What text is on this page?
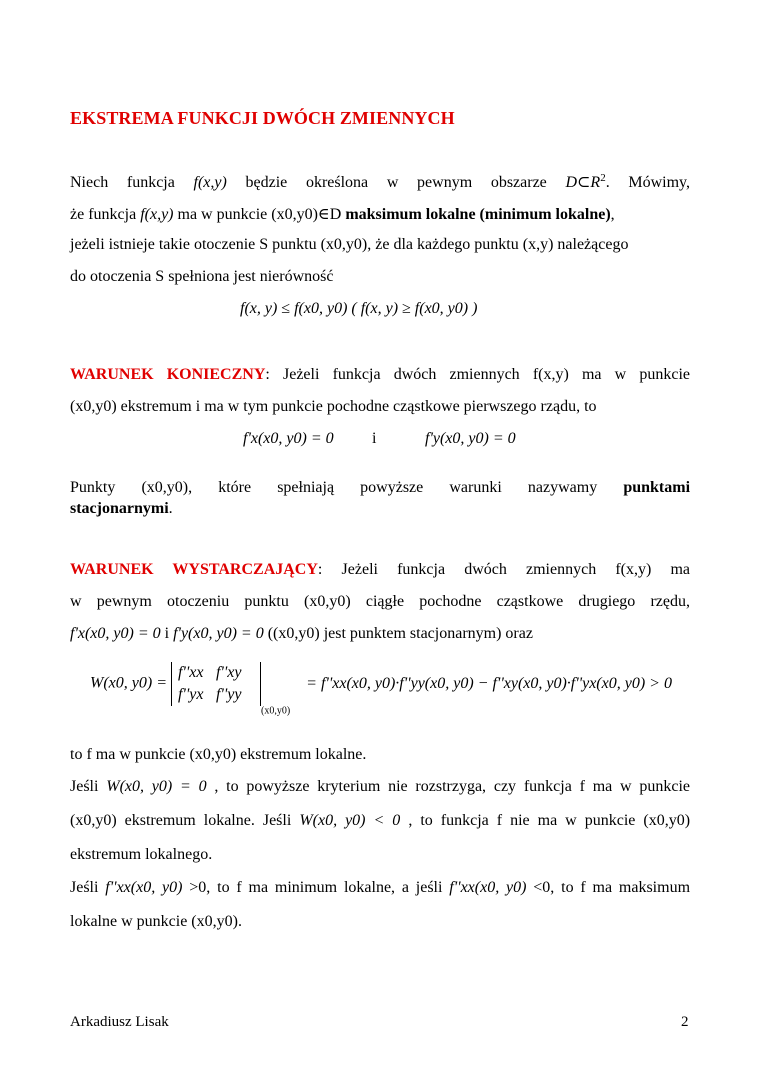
EKSTREMA FUNKCJI DWÓCH ZMIENNYCH
Niech funkcja f(x,y) będzie określona w pewnym obszarze $D\subset R^2$. Mówimy,
że funkcja f(x,y) ma w punkcie (x0,y0)∈D maksimum lokalne (minimum lokalne),
jeżeli istnieje takie otoczenie S punktu (x0,y0), że dla każdego punktu (x,y) należącego
do otoczenia S spełniona jest nierówność
f(x, y) ≤ f(x0, y0) ( f(x, y) ≥ f(x0, y0) )
WARUNEK KONIECZNY: Jeżeli funkcja dwóch zmiennych f(x,y) ma w punkcie
(x0,y0) ekstremum i ma w tym punkcie pochodne cząstkowe pierwszego rządu, to
f'x(x0, y0) = 0 i	f'y(x0, y0) = 0
Punkty (x0,y0), które spełniają powyższe warunki nazywamy punktami
stacjonarnymi.
WARUNEK WYSTARCZAJĄCY: Jeżeli funkcja dwóch zmiennych f(x,y) ma
w pewnym otoczeniu punktu (x0,y0) ciągłe pochodne cząstkowe drugiego rzędu,
f'x(x0, y0) = 0 i f'y(x0, y0) = 0 ((x0,y0) jest punktem stacjonarnym) oraz
W(x0, y0) =
f''xx f''xy
f''yx f''yy
$_{(x0,y0)}$ = f''xx(x0, y0)·f''yy(x0, y0) − f''xy(x0, y0)·f''yx(x0, y0) > 0
to f ma w punkcie (x0,y0) ekstremum lokalne.
Jeśli W(x0, y0) = 0 , to powyższe kryterium nie rozstrzyga, czy funkcja f ma w punkcie
(x0,y0) ekstremum lokalne. Jeśli W(x0, y0) < 0 , to funkcja f nie ma w punkcie (x0,y0)
ekstremum lokalnego.
Jeśli f''xx(x0, y0) >0, to f ma minimum lokalne, a jeśli f''xx(x0, y0) <0, to f ma maksimum
lokalne w punkcie (x0,y0).
Arkadiusz Lisak	2
